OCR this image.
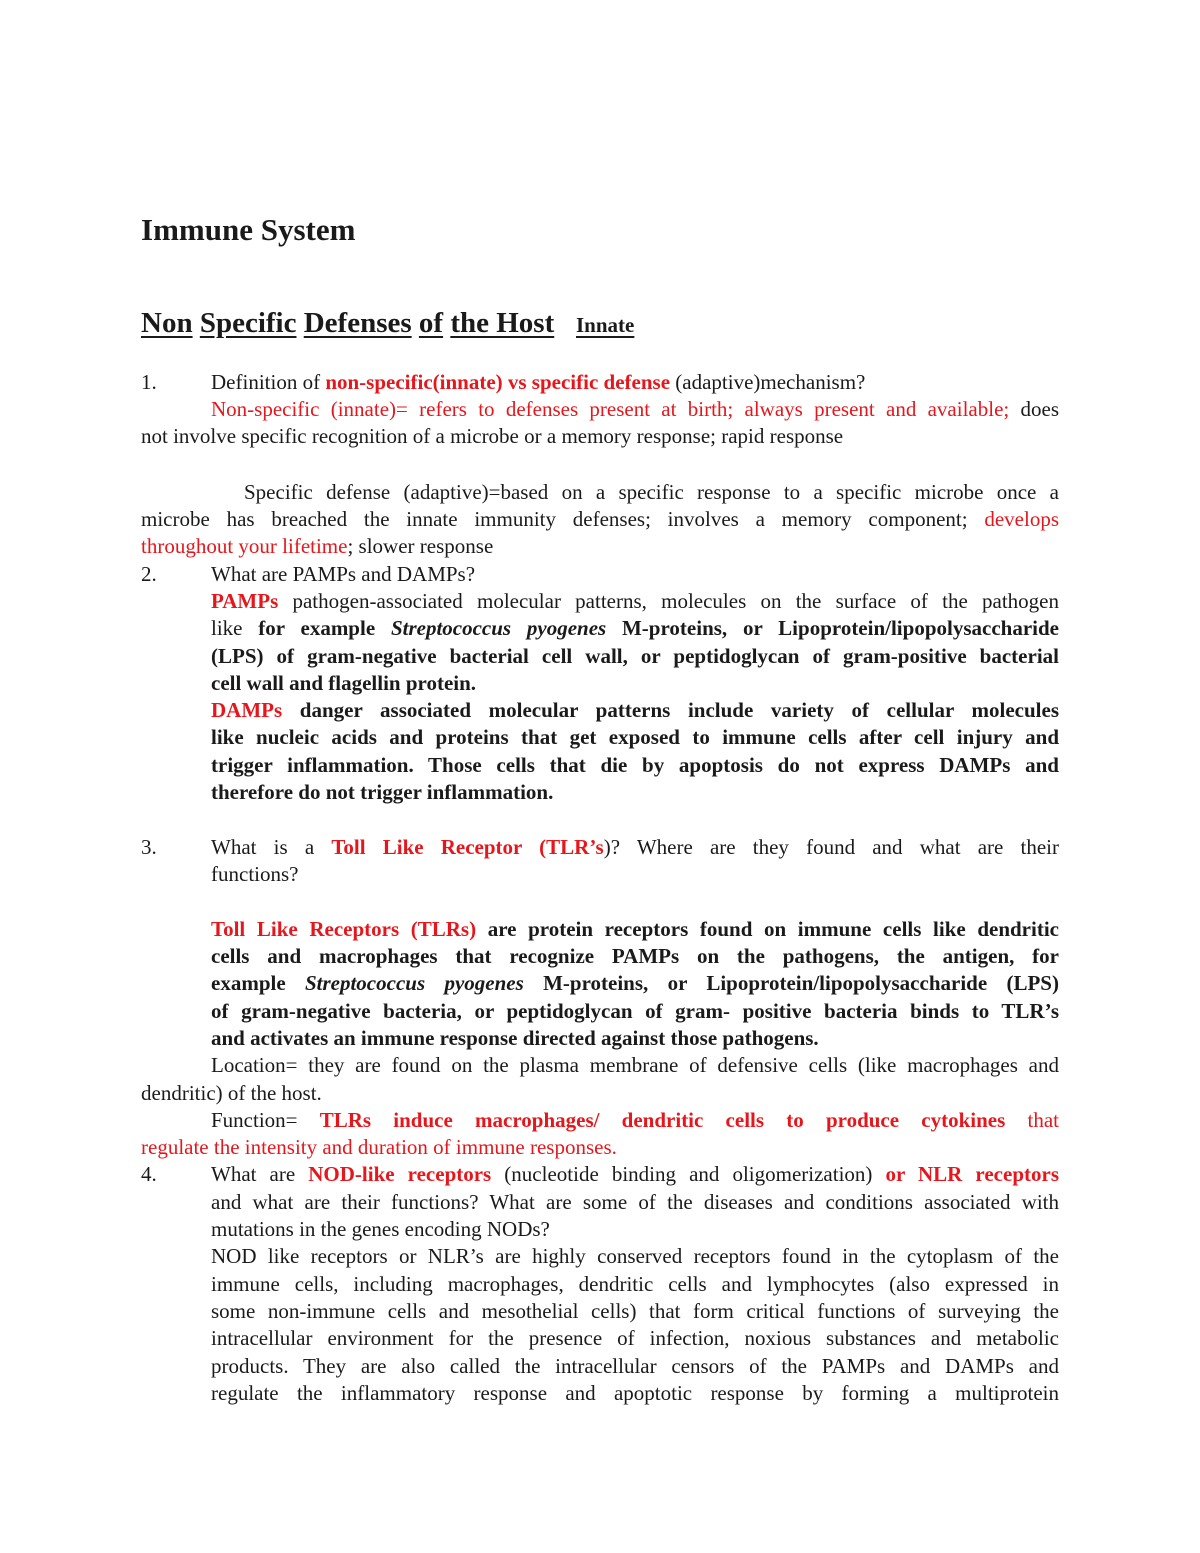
Immune System
Non Specific Defenses of the Host Innate
1.	Definition of non-specific(innate) vs specific defense (adaptive)mechanism?
Non-specific (innate)= refers to defenses present at birth; always present and available; does
not involve specific recognition of a microbe or a memory response; rapid response
Specific defense (adaptive)=based on a specific response to a specific microbe once a
microbe has breached the innate immunity defenses; involves a memory component; develops
throughout your lifetime; slower response
2.	What are PAMPs and DAMPs?
PAMPs pathogen-associated molecular patterns, molecules on the surface of the pathogen
like for example Streptococcus pyogenes M-proteins, or Lipoprotein/lipopolysaccharide
(LPS) of gram-negative bacterial cell wall, or peptidoglycan of gram-positive bacterial
cell wall and flagellin protein.
DAMPs danger associated molecular patterns include variety of cellular molecules
like nucleic acids and proteins that get exposed to immune cells after cell injury and
trigger inflammation. Those cells that die by apoptosis do not express DAMPs and
therefore do not trigger inflammation.
3.	What is a Toll Like Receptor (TLR’s)? Where are they found and what are their
functions?
Toll Like Receptors (TLRs) are protein receptors found on immune cells like dendritic
cells and macrophages that recognize PAMPs on the pathogens, the antigen, for
example Streptococcus pyogenes M-proteins, or Lipoprotein/lipopolysaccharide (LPS)
of gram-negative bacteria, or peptidoglycan of gram- positive bacteria binds to TLR’s
and activates an immune response directed against those pathogens.
Location= they are found on the plasma membrane of defensive cells (like macrophages and
dendritic) of the host.
Function= TLRs induce macrophages/ dendritic cells to produce cytokines that
regulate the intensity and duration of immune responses.
4.	What are NOD-like receptors (nucleotide binding and oligomerization) or NLR receptors
and what are their functions? What are some of the diseases and conditions associated with
mutations in the genes encoding NODs?
NOD like receptors or NLR’s are highly conserved receptors found in the cytoplasm of the
immune cells, including macrophages, dendritic cells and lymphocytes (also expressed in
some non-immune cells and mesothelial cells) that form critical functions of surveying the
intracellular environment for the presence of infection, noxious substances and metabolic
products. They are also called the intracellular censors of the PAMPs and DAMPs and
regulate the inflammatory response and apoptotic response by forming a multiprotein
